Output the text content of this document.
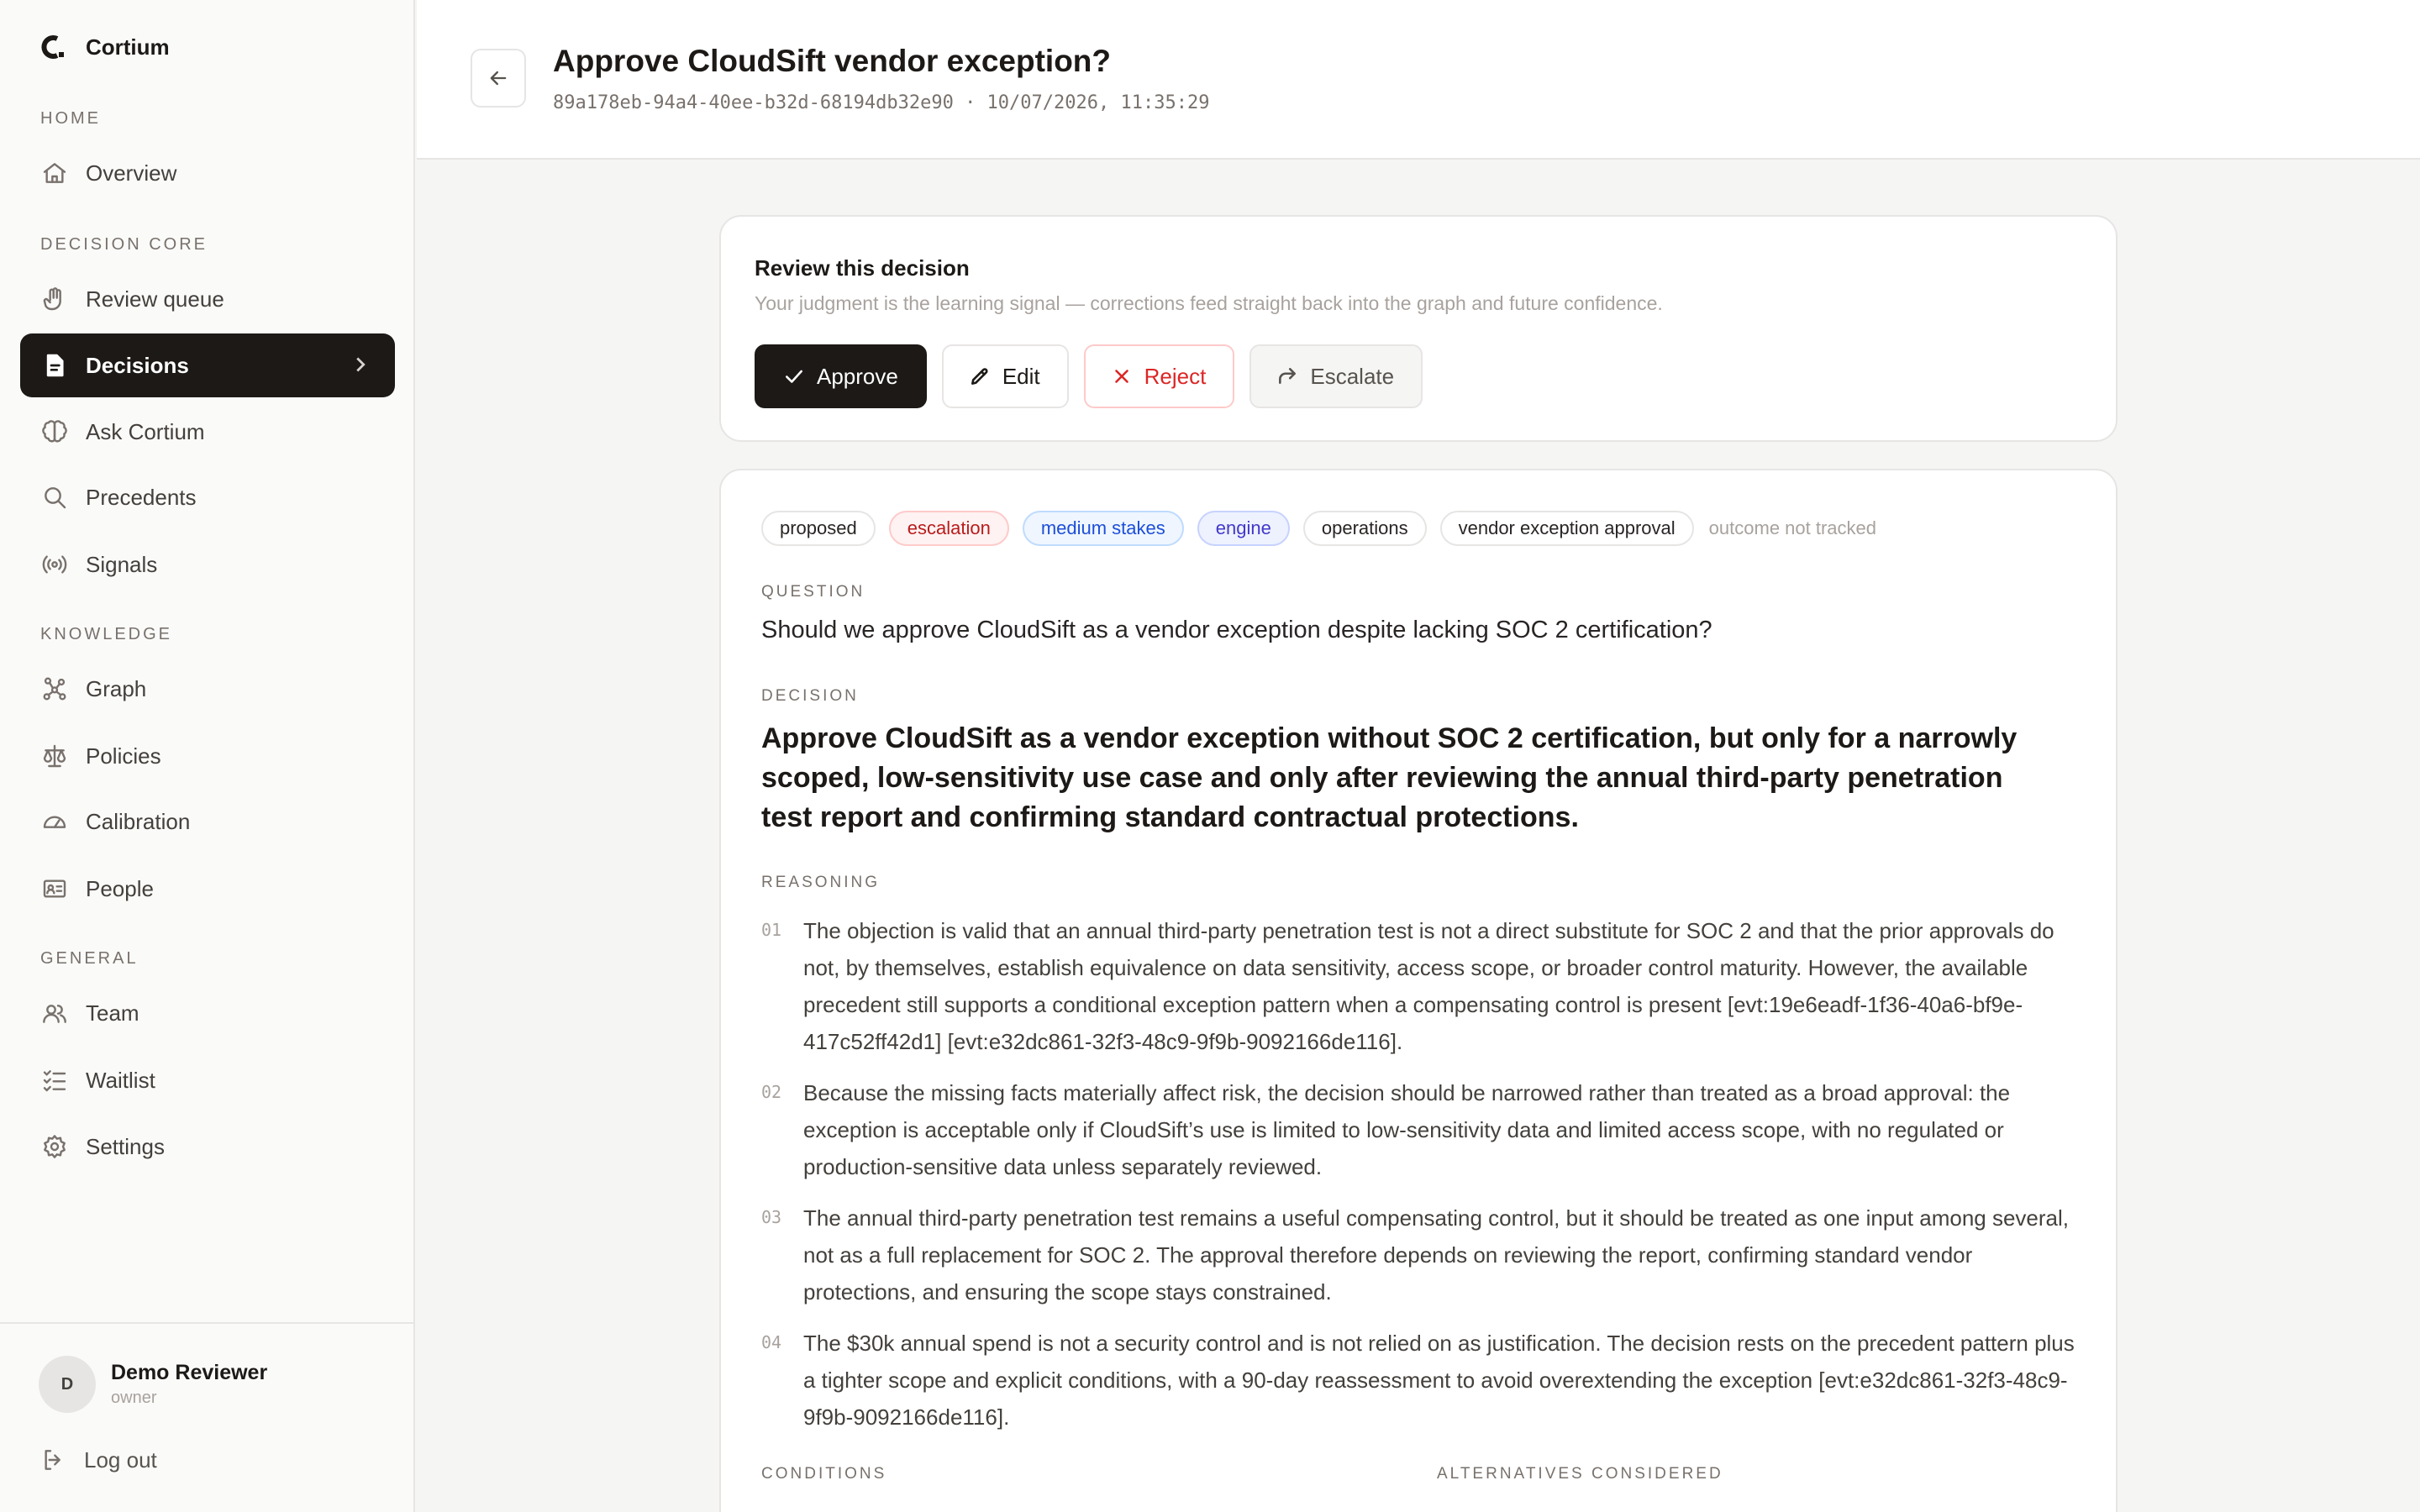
Cortium
HOME
Overview
DECISION CORE
Review queue
Decisions
Ask Cortium
Precedents
Signals
KNOWLEDGE
Graph
Policies
Calibration
People
GENERAL
Team
Waitlist
Settings
D	Demo Reviewer
owner
Log out
Approve CloudSift vendor exception?
89a178eb-94a4-40ee-b32d-68194db32e90 · 10/07/2026, 11:35:29
Review this decision
Your judgment is the learning signal — corrections feed straight back into the graph and future confidence.
Approve	Edit	Reject	Escalate
proposed	escalation	medium stakes	engine	operations	vendor exception approval	outcome not tracked
QUESTION
Should we approve CloudSift as a vendor exception despite lacking SOC 2 certification?
DECISION
Approve CloudSift as a vendor exception without SOC 2 certification, but only for a narrowly scoped, low-sensitivity use case and only after reviewing the annual third-party penetration test report and confirming standard contractual protections.
REASONING
01 The objection is valid that an annual third-party penetration test is not a direct substitute for SOC 2 and that the prior approvals do not, by themselves, establish equivalence on data sensitivity, access scope, or broader control maturity. However, the available precedent still supports a conditional exception pattern when a compensating control is present [evt:19e6eadf-1f36-40a6-bf9e-417c52ff42d1] [evt:e32dc861-32f3-48c9-9f9b-9092166de116].
02 Because the missing facts materially affect risk, the decision should be narrowed rather than treated as a broad approval: the exception is acceptable only if CloudSift’s use is limited to low-sensitivity data and limited access scope, with no regulated or production-sensitive data unless separately reviewed.
03 The annual third-party penetration test remains a useful compensating control, but it should be treated as one input among several, not as a full replacement for SOC 2. The approval therefore depends on reviewing the report, confirming standard vendor protections, and ensuring the scope stays constrained.
04 The $30k annual spend is not a security control and is not relied on as justification. The decision rests on the precedent pattern plus a tighter scope and explicit conditions, with a 90-day reassessment to avoid overextending the exception [evt:e32dc861-32f3-48c9-9f9b-9092166de116].
CONDITIONS	ALTERNATIVES CONSIDERED
